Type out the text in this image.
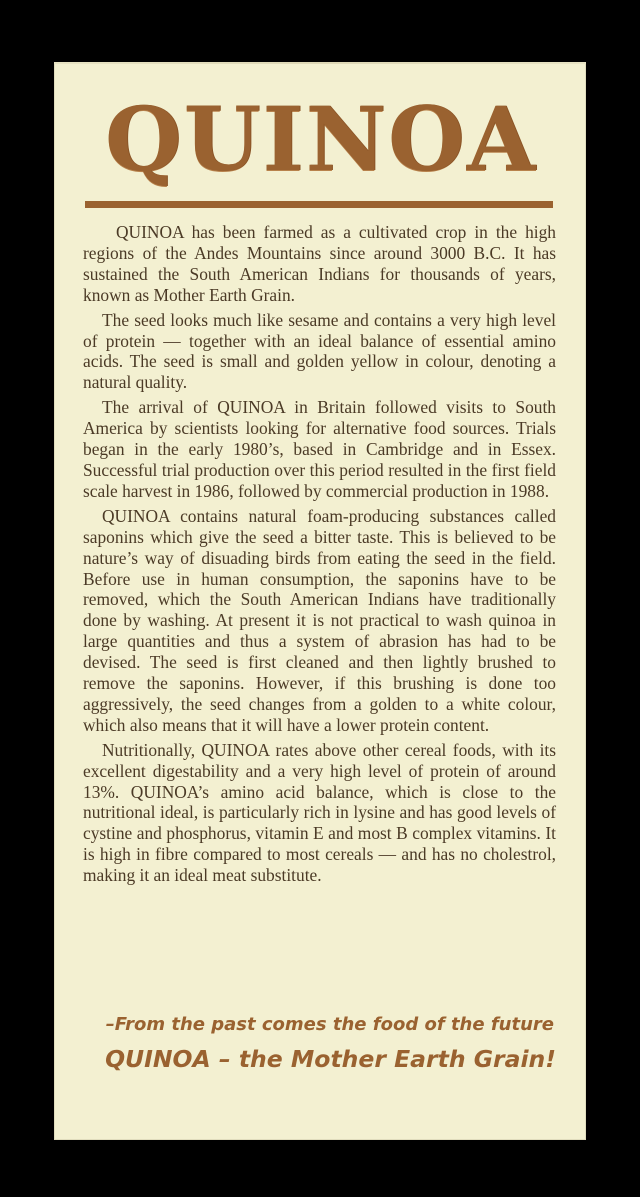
QUINOA

QUINOA has been farmed as a cultivated crop in the high regions of the Andes Mountains since around 3000 B.C. It has sustained the South American Indians for thousands of years, known as Mother Earth Grain.

The seed looks much like sesame and contains a very high level of protein — together with an ideal balance of essential amino acids. The seed is small and golden yellow in colour, denoting a natural quality.

The arrival of QUINOA in Britain followed visits to South America by scientists looking for alternative food sources. Trials began in the early 1980’s, based in Cambridge and in Essex. Successful trial production over this period resulted in the first field scale harvest in 1986, followed by commercial production in 1988.

QUINOA contains natural foam-producing substances called saponins which give the seed a bitter taste. This is believed to be nature’s way of disuading birds from eating the seed in the field. Before use in human consumption, the saponins have to be removed, which the South American Indians have traditionally done by washing. At present it is not practical to wash quinoa in large quantities and thus a system of abrasion has had to be devised. The seed is first cleaned and then lightly brushed to remove the saponins. However, if this brushing is done too aggressively, the seed changes from a golden to a white colour, which also means that it will have a lower protein content.

Nutritionally, QUINOA rates above other cereal foods, with its excellent digestability and a very high level of protein of around 13%. QUINOA’s amino acid balance, which is close to the nutritional ideal, is particularly rich in lysine and has good levels of cystine and phosphorus, vitamin E and most B complex vitamins. It is high in fibre compared to most cereals — and has no cholestrol, making it an ideal meat substitute.

–From the past comes the food of the future

QUINOA – the Mother Earth Grain!
